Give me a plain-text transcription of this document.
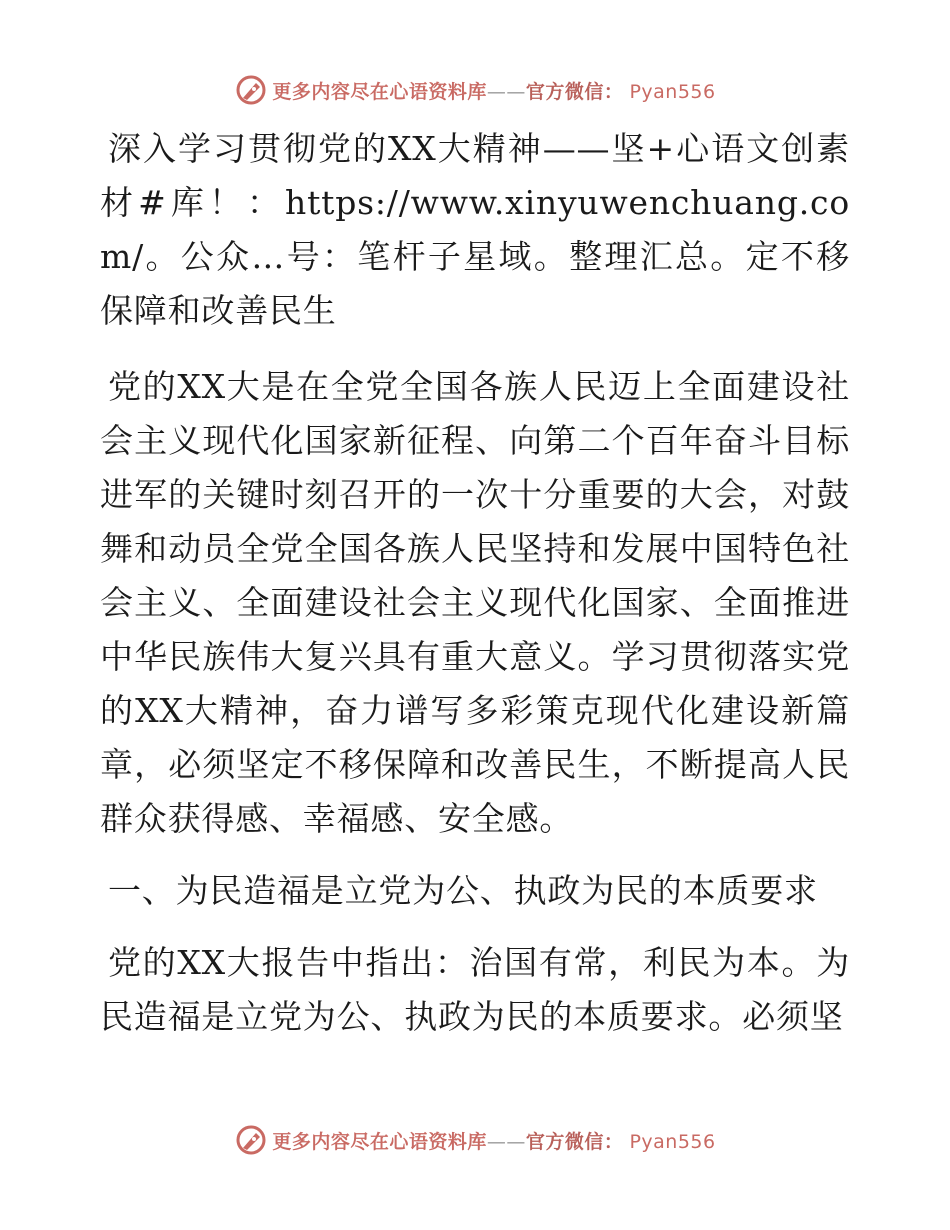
更多内容尽在心语资料库——官方微信： Pyan556

深入学习贯彻党的XX大精神——坚+心语文创素材#库！：https://www.xinyuwenchuang.com/。公众…号：笔杆子星域。整理汇总。定不移保障和改善民生

党的XX大是在全党全国各族人民迈上全面建设社会主义现代化国家新征程、向第二个百年奋斗目标进军的关键时刻召开的一次十分重要的大会，对鼓舞和动员全党全国各族人民坚持和发展中国特色社会主义、全面建设社会主义现代化国家、全面推进中华民族伟大复兴具有重大意义。学习贯彻落实党的XX大精神，奋力谱写多彩策克现代化建设新篇章，必须坚定不移保障和改善民生，不断提高人民群众获得感、幸福感、安全感。

一、为民造福是立党为公、执政为民的本质要求

党的XX大报告中指出：治国有常，利民为本。为民造福是立党为公、执政为民的本质要求。必须坚

更多内容尽在心语资料库——官方微信： Pyan556
